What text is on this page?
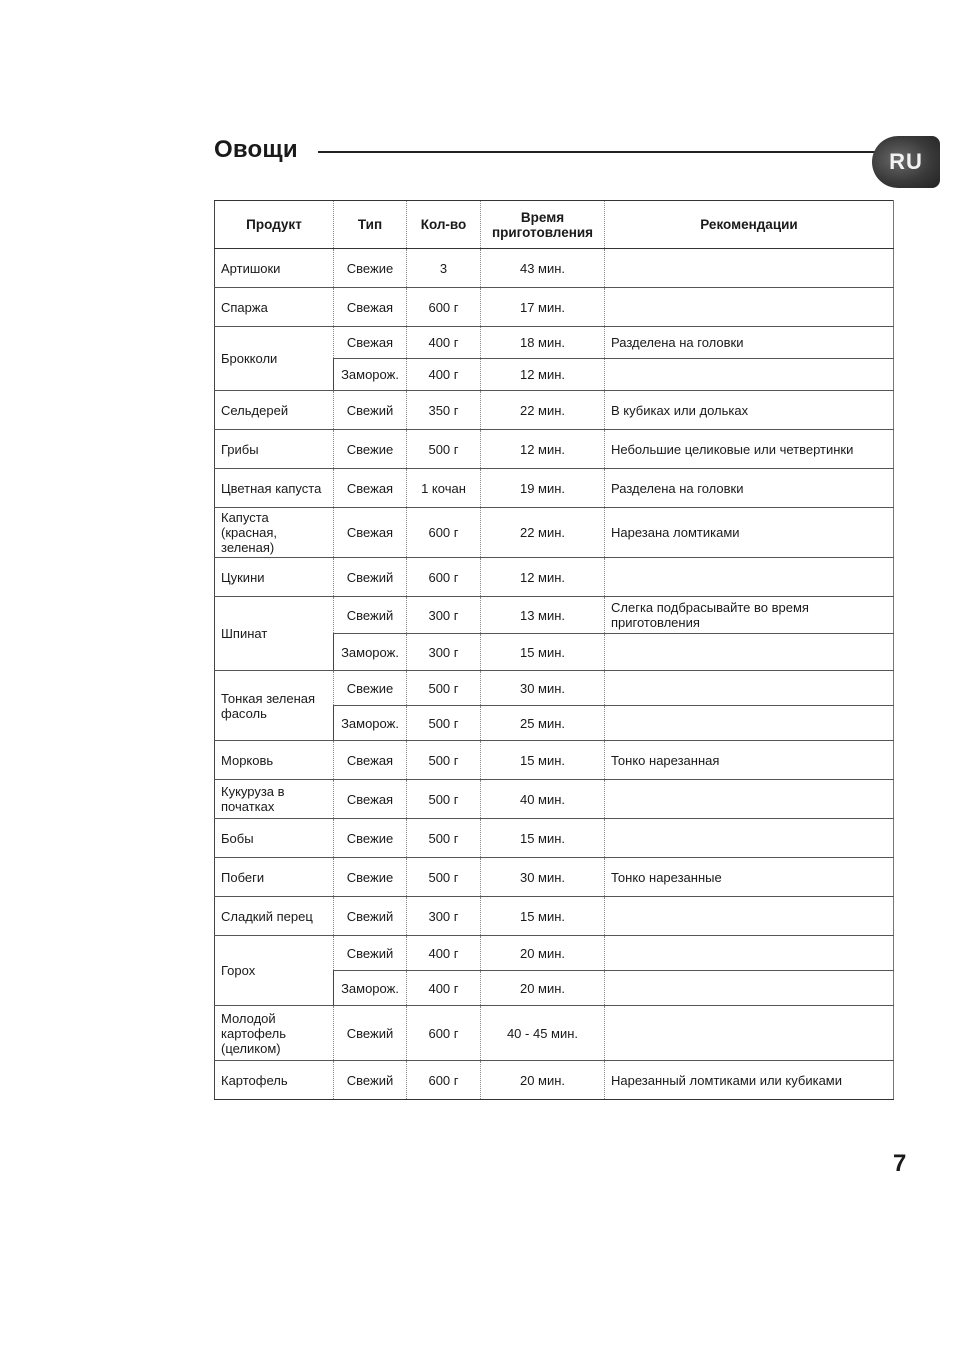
Овощи	RU
Продукт	Тип	Кол-во	Время приготовления	Рекомендации
Артишоки	Свежие	3	43 мин.	
Спаржа	Свежая	600 г	17 мин.	
Брокколи	Свежая	400 г	18 мин.	Разделена на головки
	Заморож.	400 г	12 мин.	
Сельдерей	Свежий	350 г	22 мин.	В кубиках или дольках
Грибы	Свежие	500 г	12 мин.	Небольшие целиковые или четвертинки
Цветная капуста	Свежая	1 кочан	19 мин.	Разделена на головки
Капуста (красная, зеленая)	Свежая	600 г	22 мин.	Нарезана ломтиками
Цукини	Свежий	600 г	12 мин.	
Шпинат	Свежий	300 г	13 мин.	Слегка подбрасывайте во время приготовления
	Заморож.	300 г	15 мин.	
Тонкая зеленая фасоль	Свежие	500 г	30 мин.	
	Заморож.	500 г	25 мин.	
Морковь	Свежая	500 г	15 мин.	Тонко нарезанная
Кукуруза в початках	Свежая	500 г	40 мин.	
Бобы	Свежие	500 г	15 мин.	
Побеги	Свежие	500 г	30 мин.	Тонко нарезанные
Сладкий перец	Свежий	300 г	15 мин.	
Горох	Свежий	400 г	20 мин.	
	Заморож.	400 г	20 мин.	
Молодой картофель (целиком)	Свежий	600 г	40 - 45 мин.	
Картофель	Свежий	600 г	20 мин.	Нарезанный ломтиками или кубиками
7
